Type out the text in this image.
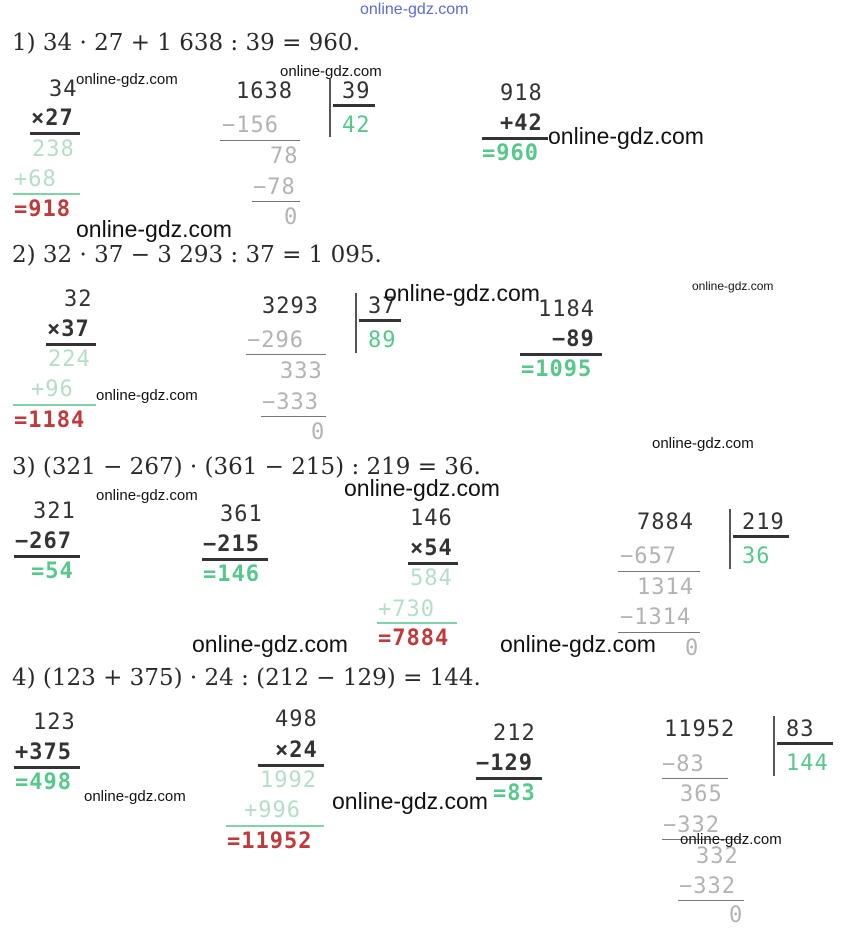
online-gdz.com
1) 34 · 27 + 1 638 : 39 = 960.
34
×27
238
+68
=918
1638 39
42
−156
78
−78
0
918
+42
=960
2) 32 · 37 − 3 293 : 37 = 1 095.
32
×37
224
+96
=1184
3293 37
89
−296
333
−333
0
1184
−89
=1095
3) (321 − 267) · (361 − 215) : 219 = 36.
321
−267
=54
361
−215
=146
146
×54
584
+730
=7884
7884 219
36
−657
1314
−1314
0
4) (123 + 375) · 24 : (212 − 129) = 144.
123
+375
=498
498
×24
1992
+996
=11952
212
−129
=83
11952 83
144
−83
365
−332
332
−332
0
online-gdz.com	online-gdz.com
online-gdz.com
online-gdz.com
online-gdz.com	online-gdz.com
online-gdz.com
online-gdz.com
online-gdz.com	online-gdz.com
online-gdz.com	online-gdz.com
online-gdz.com	online-gdz.com
online-gdz.com
